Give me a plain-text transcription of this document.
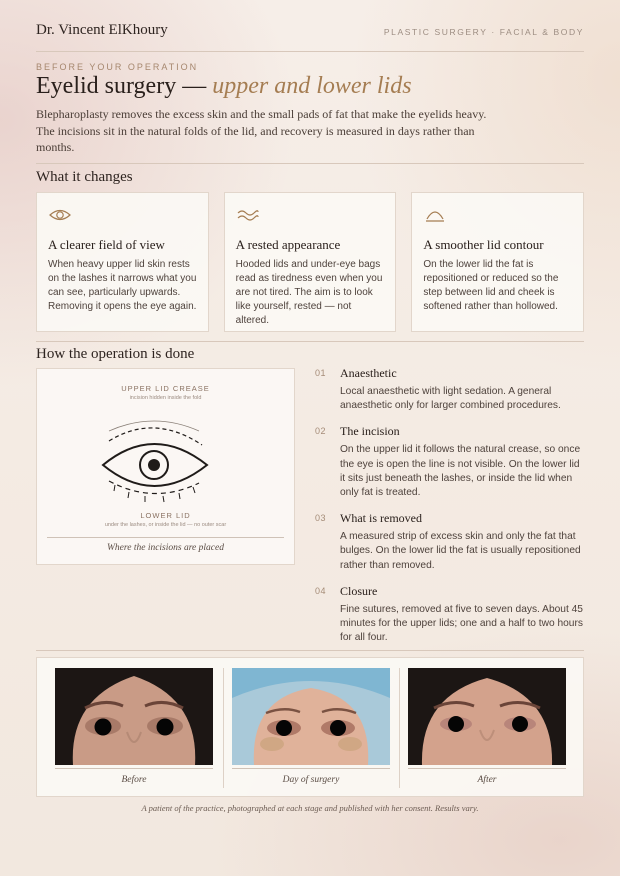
Dr. Vincent ElKhoury	PLASTIC SURGERY · FACIAL & BODY
BEFORE YOUR OPERATION
Eyelid surgery — upper and lower lids
Blepharoplasty removes the excess skin and the small pads of fat that make the eyelids heavy. The incisions sit in the natural folds of the lid, and recovery is measured in days rather than months.
What it changes
A clearer field of view

When heavy upper lid skin rests on the lashes it narrows what you can see, particularly upwards. Removing it opens the eye again.

A rested appearance

Hooded lids and under-eye bags read as tiredness even when you are not tired. The aim is to look like yourself, rested — not altered.

A smoother lid contour

On the lower lid the fat is repositioned or reduced so the step between lid and cheek is softened rather than hollowed.

How the operation is done
UPPER LID CREASE
incision hidden inside the fold
LOWER LID
under the lashes, or inside the lid — no outer scar
Where the incisions are placed
01	Anaesthetic

Local anaesthetic with light sedation. A general anaesthetic only for larger combined procedures.

02	The incision

On the upper lid it follows the natural crease, so once the eye is open the line is not visible. On the lower lid it sits just beneath the lashes, or inside the lid when only fat is treated.

03	What is removed

A measured strip of excess skin and only the fat that bulges. On the lower lid the fat is usually repositioned rather than removed.

04	Closure

Fine sutures, removed at five to seven days. About 45 minutes for the upper lids; one and a half to two hours for all four.

Before	Day of surgery	After
A patient of the practice, photographed at each stage and published with her consent. Results vary.
